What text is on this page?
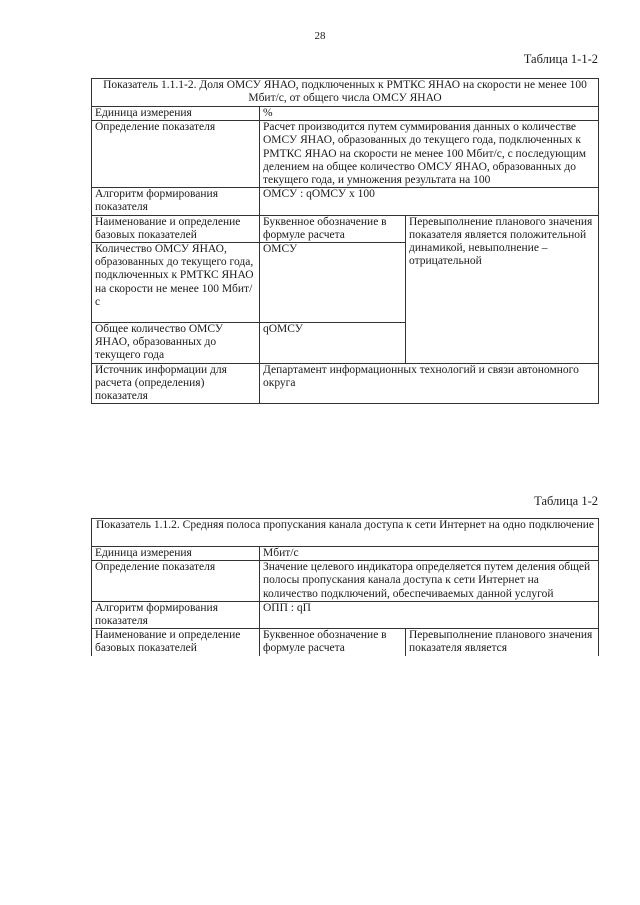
28
Таблица 1-1-2
Показатель 1.1.1-2. Доля ОМСУ ЯНАО, подключенных к РМТКС ЯНАО на скорости не менее 100 Мбит/с, от общего числа ОМСУ ЯНАО		
Единица измерения	%	
Определение показателя	Расчет производится путем суммирования данных о количестве ОМСУ ЯНАО, образованных до текущего года, подключенных к РМТКС ЯНАО на скорости не менее 100 Мбит/с, с последующим делением на общее количество ОМСУ ЯНАО, образованных до текущего года, и умножения результата на 100	
Алгоритм формирования показателя	ОМСУ : qОМСУ х 100	
Наименование и определение базовых показателей	Буквенное обозначение в формуле расчета	Перевыполнение планового значения показателя является положительной динамикой, невыполнение – отрицательной
Количество ОМСУ ЯНАО, образованных до текущего года, подключенных к РМТКС ЯНАО на скорости не менее 100 Мбит/с	ОМСУ	
Общее количество ОМСУ ЯНАО, образованных до текущего года	qОМСУ	
Источник информации для расчета (определения) показателя	Департамент информационных технологий и связи автономного округа	
Таблица 1-2
Показатель 1.1.2. Средняя полоса пропускания канала доступа к сети Интернет на одно подключение		
Единица измерения	Мбит/с	
Определение показателя	Значение целевого индикатора определяется путем деления общей полосы пропускания канала доступа к сети Интернет на количество подключений, обеспечиваемых данной услугой	
Алгоритм формирования показателя	ОПП : qП	
Наименование и определение базовых показателей	Буквенное обозначение в формуле расчета	Перевыполнение планового значения показателя является
